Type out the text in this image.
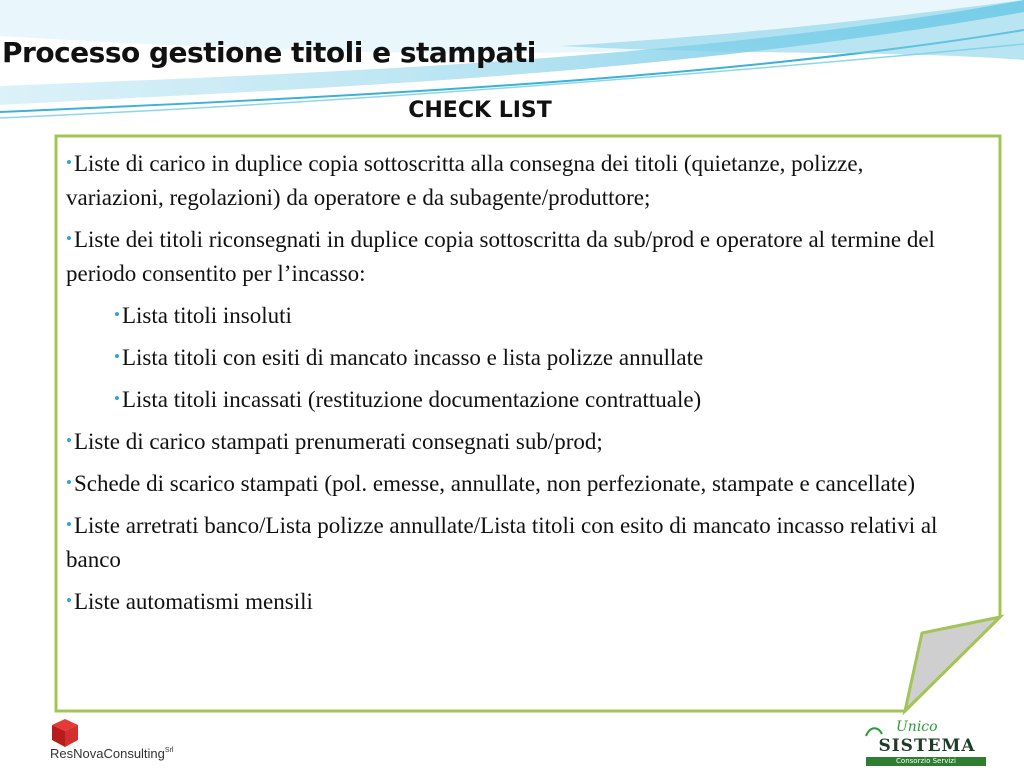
Processo gestione titoli e stampati
CHECK LIST
•Liste di carico in duplice copia sottoscritta alla consegna dei titoli (quietanze, polizze, variazioni, regolazioni) da operatore e da subagente/produttore;
•Liste dei titoli riconsegnati in duplice copia sottoscritta da sub/prod e operatore al termine del periodo consentito per l’incasso:
•Lista titoli insoluti
•Lista titoli con esiti di mancato incasso e lista polizze annullate
•Lista titoli incassati (restituzione documentazione contrattuale)
•Liste di carico stampati prenumerati consegnati sub/prod;
•Schede di scarico stampati (pol. emesse, annullate, non perfezionate, stampate e cancellate)
•Liste arretrati banco/Lista polizze annullate/Lista titoli con esito di mancato incasso relativi al banco
•Liste automatismi mensili
ResNovaConsulting$^{Srl}$
Unico
SISTEMA
Consorzio Servizi
